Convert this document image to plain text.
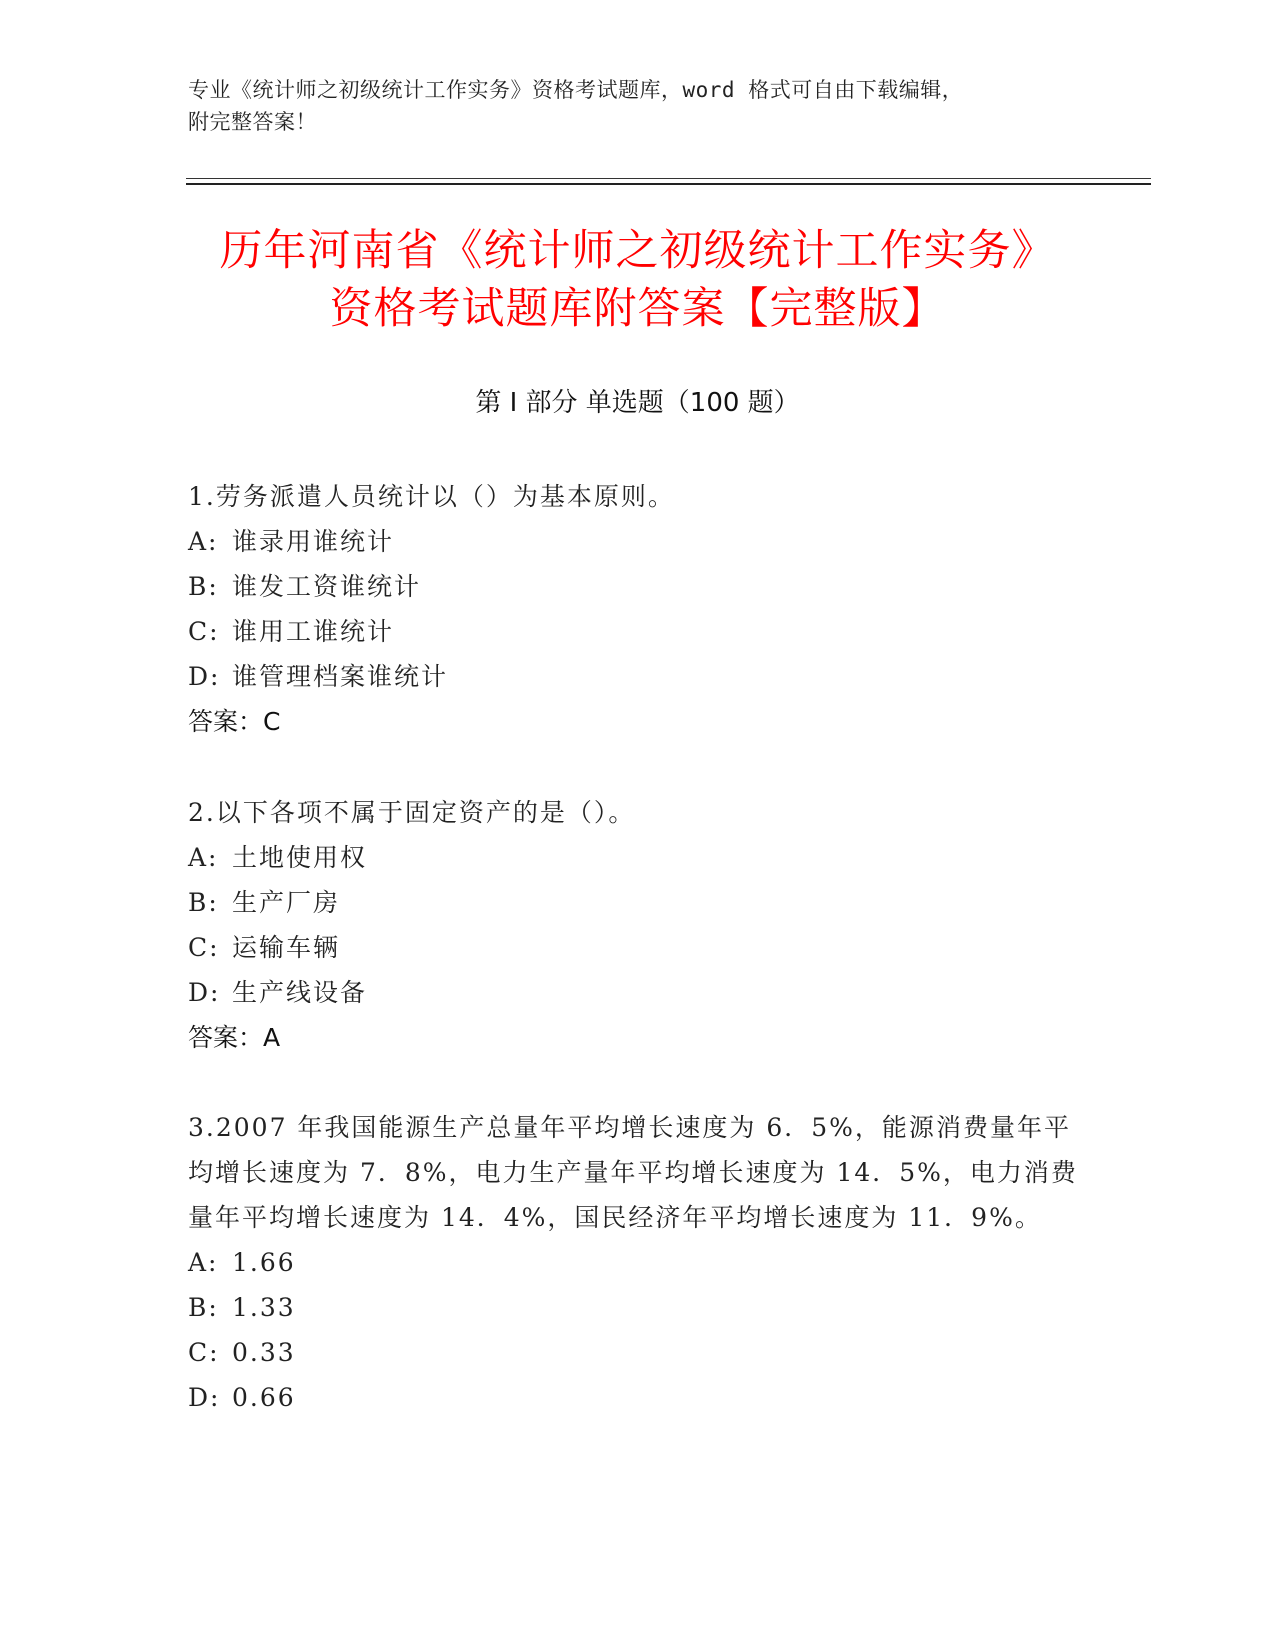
专业《统计师之初级统计工作实务》资格考试题库，word 格式可自由下载编辑，
附完整答案！
历年河南省《统计师之初级统计工作实务》
资格考试题库附答案【完整版】
第 I 部分 单选题（100 题）

1.劳务派遣人员统计以（）为基本原则。

A: 谁录用谁统计

B: 谁发工资谁统计

C: 谁用工谁统计

D: 谁管理档案谁统计

答案：C

2.以下各项不属于固定资产的是（）。

A: 土地使用权

B: 生产厂房

C: 运输车辆

D: 生产线设备

答案：A

3.2007 年我国能源生产总量年平均增长速度为 6．5%，能源消费量年平均增长速度为 7．8%，电力生产量年平均增长速度为 14．5%，电力消费量年平均增长速度为 14．4%，国民经济年平均增长速度为 11．9%。

A: 1.66

B: 1.33

C: 0.33

D: 0.66
